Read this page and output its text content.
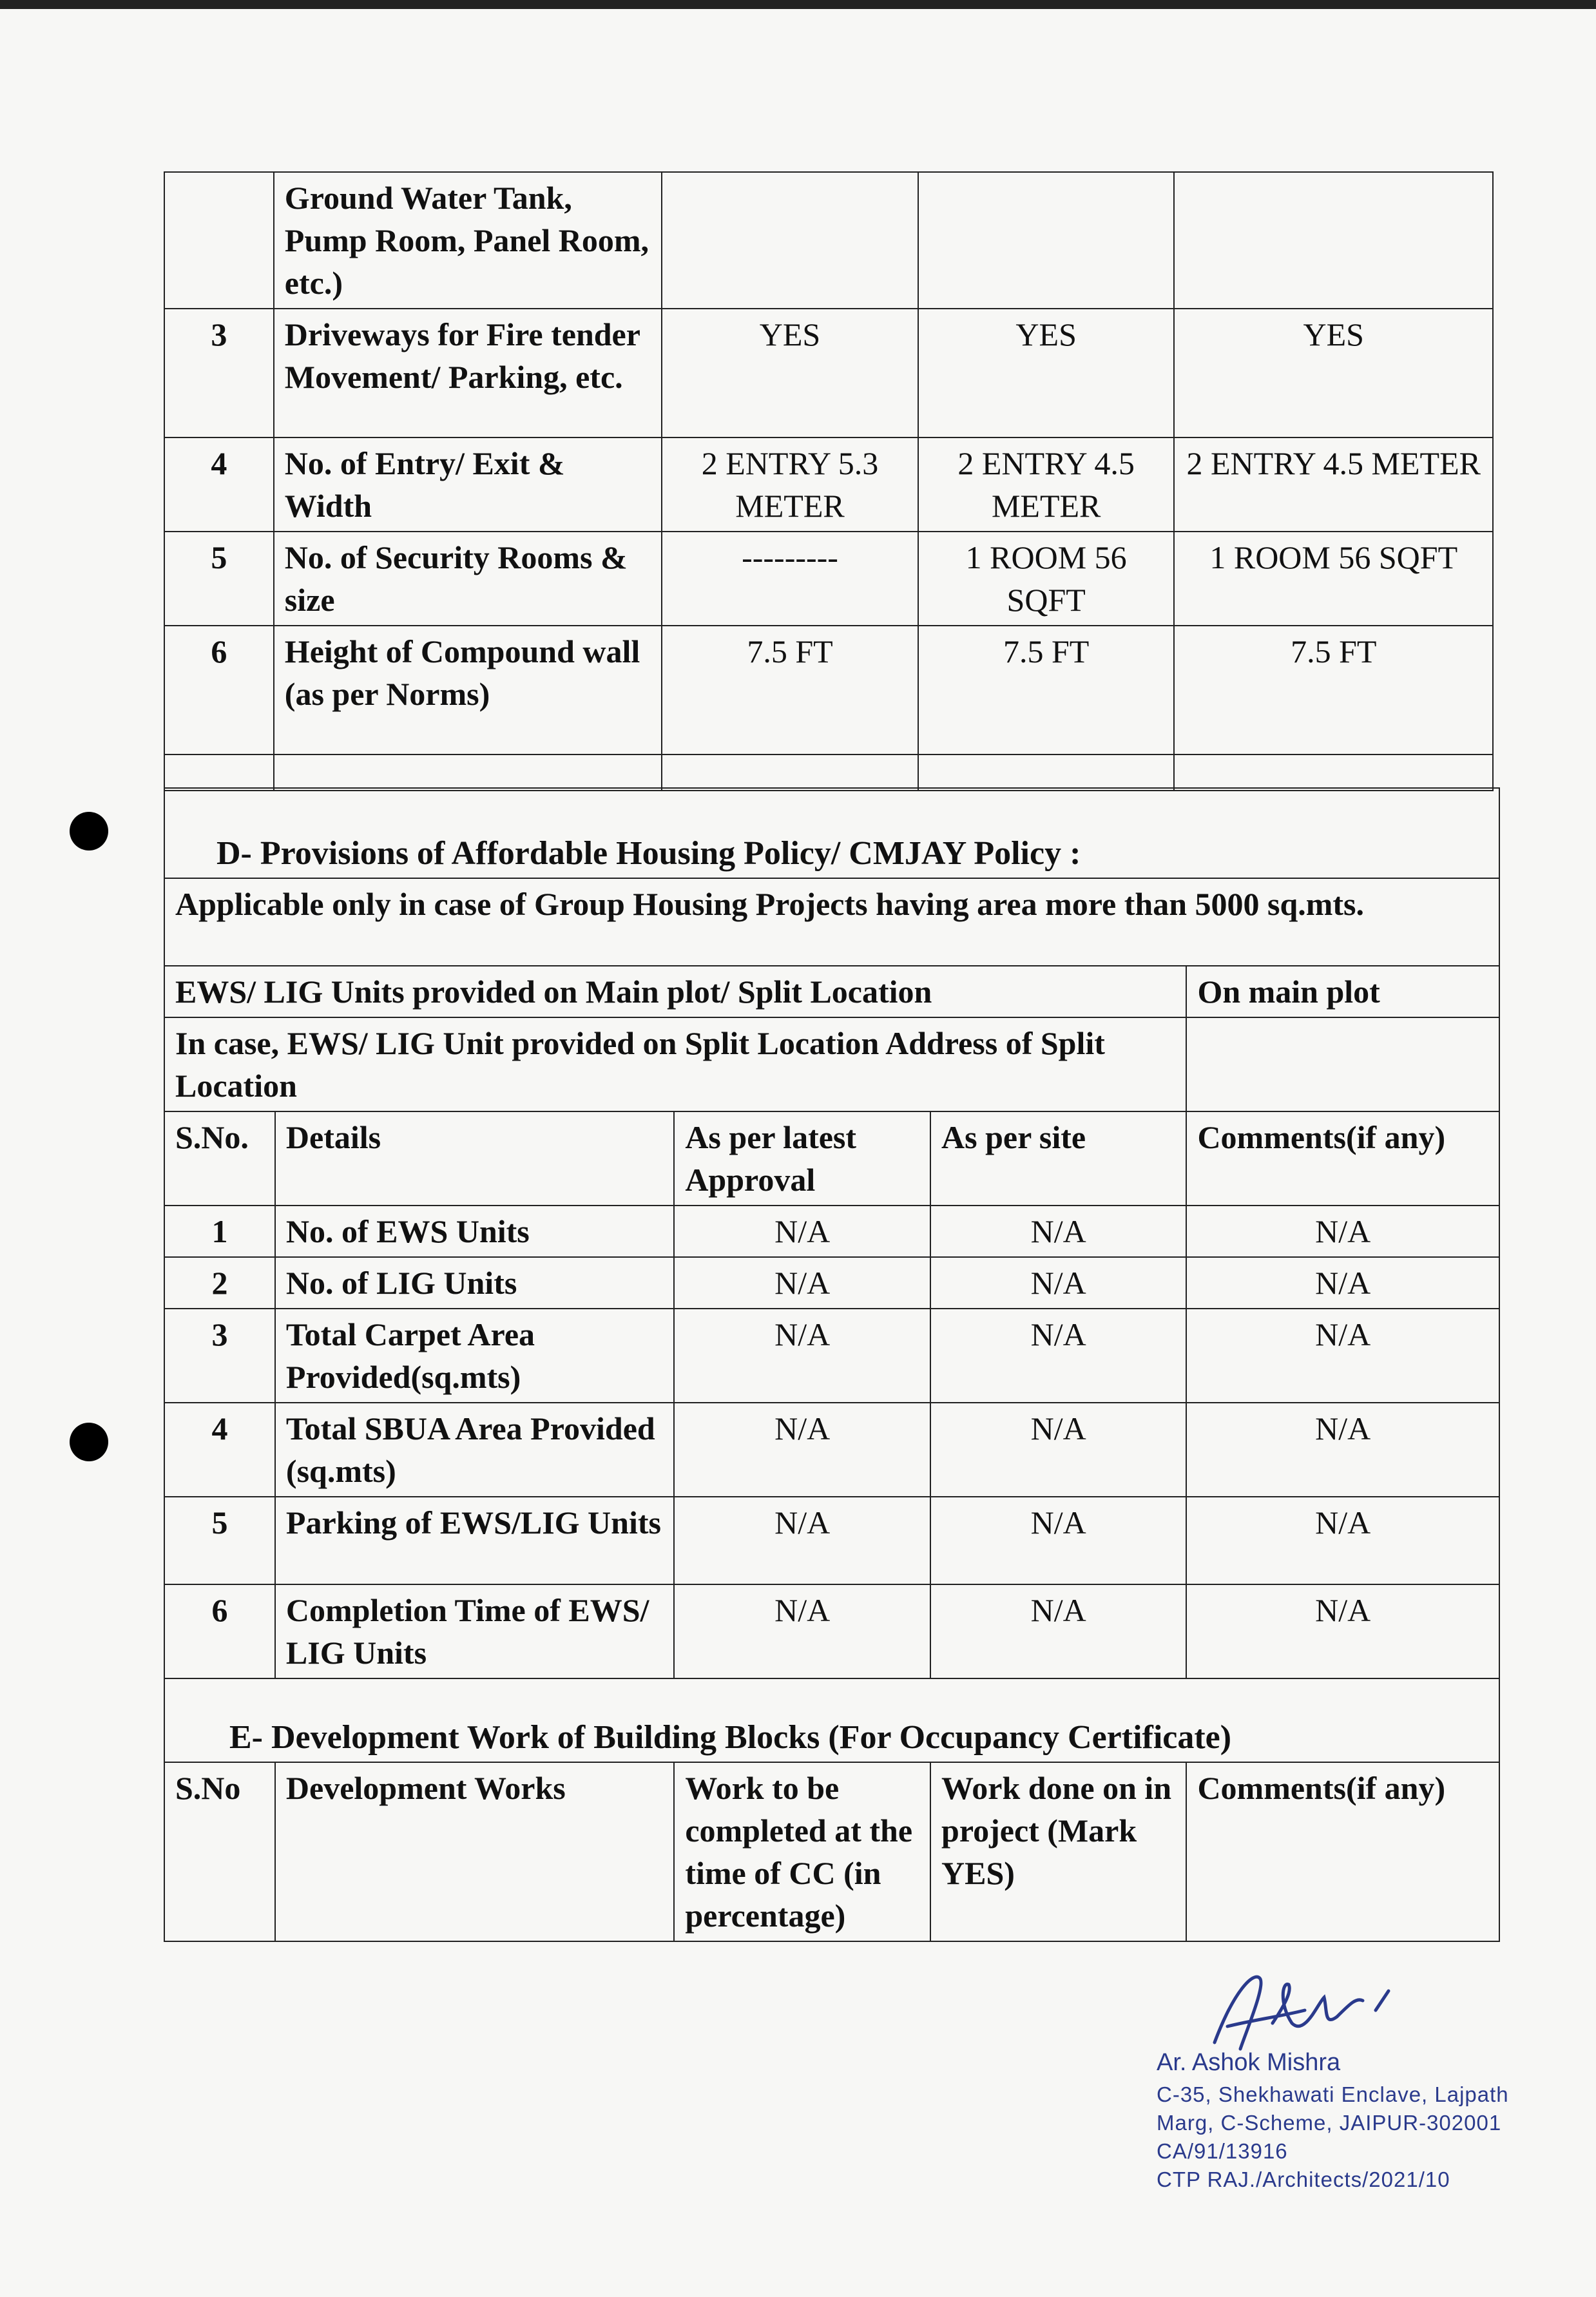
	Ground Water Tank, Pump Room, Panel Room, etc.)			
3	Driveways for Fire tender Movement/ Parking, etc.	YES	YES	YES
4	No. of Entry/ Exit & Width	2 ENTRY 5.3 METER	2 ENTRY 4.5 METER	2 ENTRY 4.5 METER
5	No. of Security Rooms & size	---------	1 ROOM 56 SQFT	1 ROOM 56 SQFT
6	Height of Compound wall (as per Norms)	7.5 FT	7.5 FT	7.5 FT

D- Provisions of Affordable Housing Policy/ CMJAY Policy :				
Applicable only in case of Group Housing Projects having area more than 5000 sq.mts.				
EWS/ LIG Units provided on Main plot/ Split Location				On main plot
In case, EWS/ LIG Unit provided on Split Location Address of Split Location				
S.No.	Details	As per latest Approval	As per site	Comments(if any)
1	No. of EWS Units	N/A	N/A	N/A
2	No. of LIG Units	N/A	N/A	N/A
3	Total Carpet Area Provided(sq.mts)	N/A	N/A	N/A
4	Total SBUA Area Provided (sq.mts)	N/A	N/A	N/A
5	Parking of EWS/LIG Units	N/A	N/A	N/A
6	Completion Time of EWS/ LIG Units	N/A	N/A	N/A
E- Development Work of Building Blocks (For Occupancy Certificate)				
S.No	Development Works	Work to be completed at the time of CC (in percentage)	Work done on in project (Mark YES)	Comments(if any)
Ar. Ashok Mishra
C-35, Shekhawati Enclave, Lajpath
Marg, C-Scheme, JAIPUR-302001
CA/91/13916
CTP RAJ./Architects/2021/10
